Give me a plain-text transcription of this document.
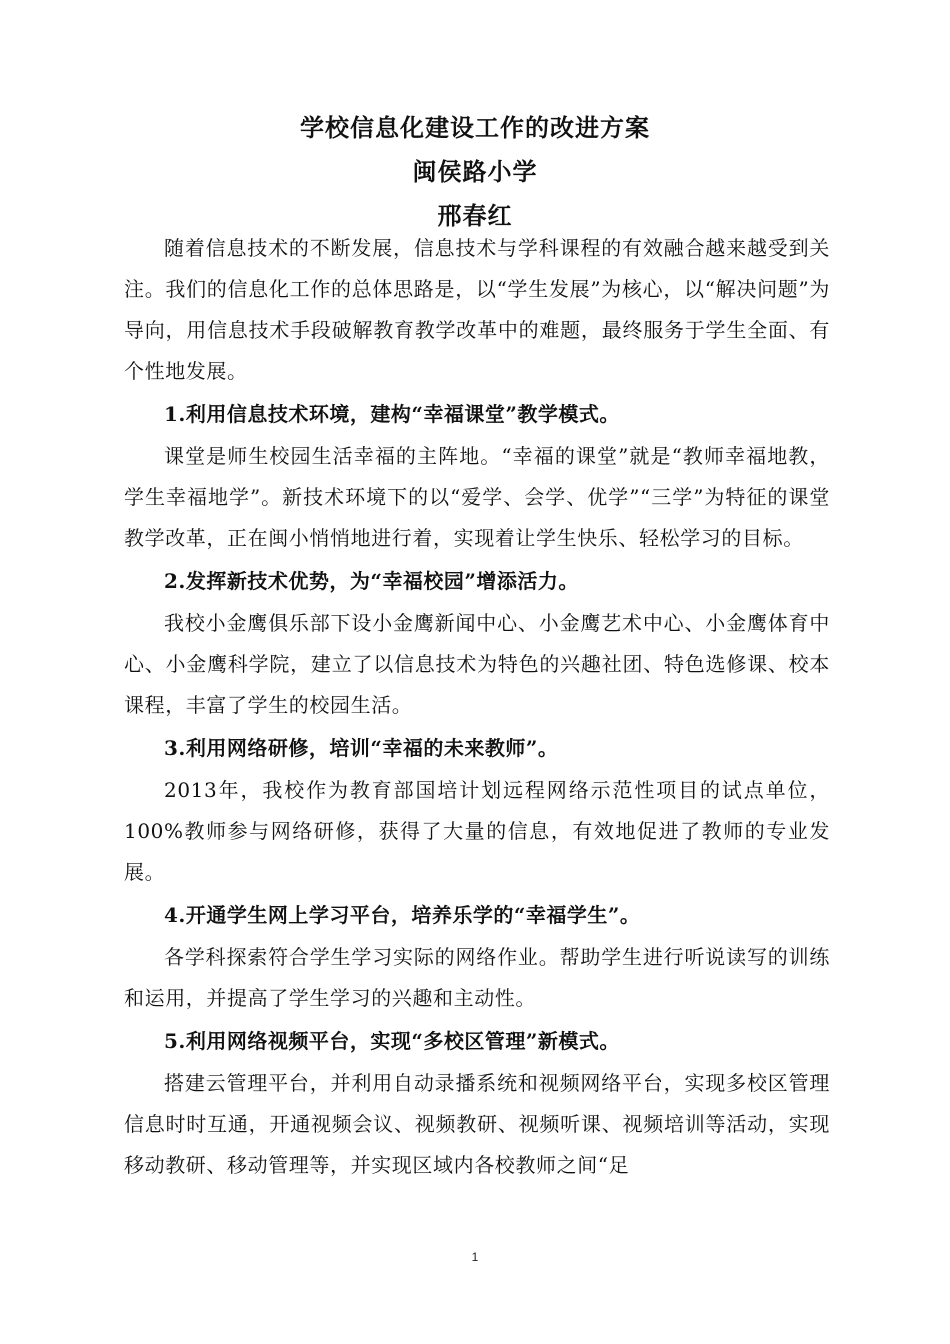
学校信息化建设工作的改进方案
闽侯路小学
邢春红

随着信息技术的不断发展，信息技术与学科课程的有效融合越来越受到关注。我们的信息化工作的总体思路是，以“学生发展”为核心，以“解决问题”为导向，用信息技术手段破解教育教学改革中的难题，最终服务于学生全面、有个性地发展。

1.利用信息技术环境，建构“幸福课堂”教学模式。

课堂是师生校园生活幸福的主阵地。“幸福的课堂”就是“教师幸福地教，学生幸福地学”。新技术环境下的以“爱学、会学、优学”“三学”为特征的课堂教学改革，正在闽小悄悄地进行着，实现着让学生快乐、轻松学习的目标。

2.发挥新技术优势，为“幸福校园”增添活力。

我校小金鹰俱乐部下设小金鹰新闻中心、小金鹰艺术中心、小金鹰体育中心、小金鹰科学院，建立了以信息技术为特色的兴趣社团、特色选修课、校本课程，丰富了学生的校园生活。

3.利用网络研修，培训“幸福的未来教师”。

2013年，我校作为教育部国培计划远程网络示范性项目的试点单位，100%教师参与网络研修，获得了大量的信息，有效地促进了教师的专业发展。

4.开通学生网上学习平台，培养乐学的“幸福学生”。

各学科探索符合学生学习实际的网络作业。帮助学生进行听说读写的训练和运用，并提高了学生学习的兴趣和主动性。

5.利用网络视频平台，实现“多校区管理”新模式。

搭建云管理平台，并利用自动录播系统和视频网络平台，实现多校区管理信息时时互通，开通视频会议、视频教研、视频听课、视频培训等活动，实现移动教研、移动管理等，并实现区域内各校教师之间“足

1
